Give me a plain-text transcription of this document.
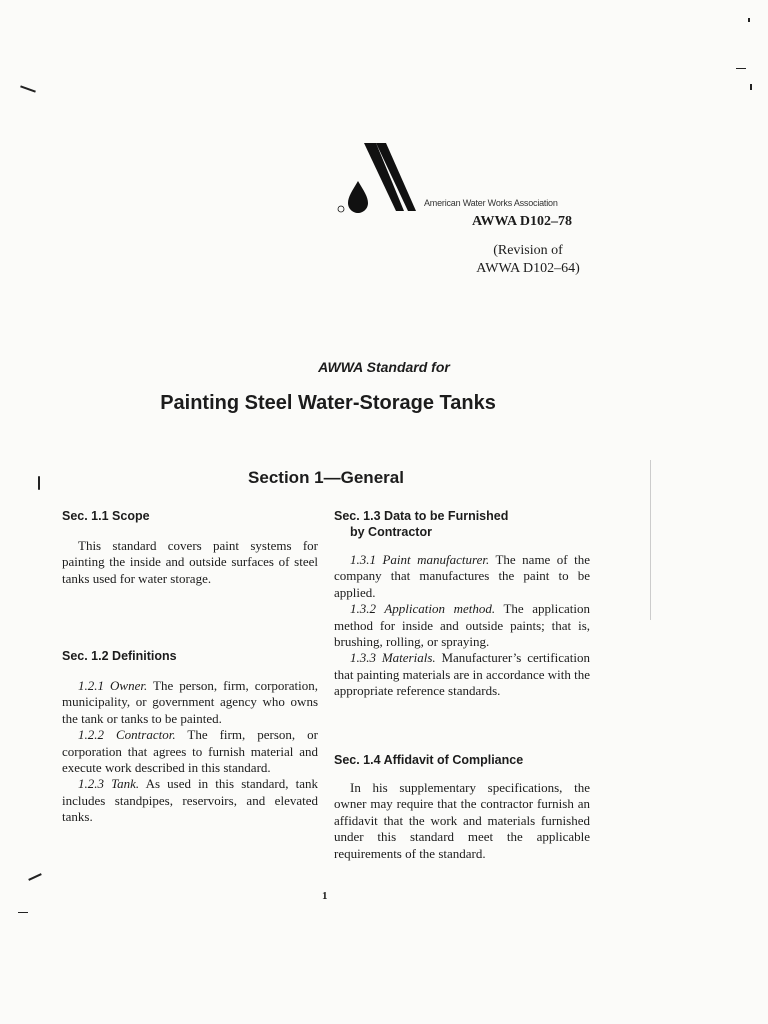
American Water Works Association
AWWA D102–78
(Revision of
AWWA D102–64)
AWWA Standard for
Painting Steel Water-Storage Tanks
Section 1—General
Sec. 1.1 Scope

This standard covers paint systems for painting the inside and outside surfaces of steel tanks used for water storage.

Sec. 1.2 Definitions

1.2.1 Owner. The person, firm, corporation, municipality, or government agency who owns the tank or tanks to be painted.

1.2.2 Contractor. The firm, person, or corporation that agrees to furnish material and execute work described in this standard.

1.2.3 Tank. As used in this standard, tank includes standpipes, reservoirs, and elevated tanks.

Sec. 1.3 Data to be Furnished
by Contractor

1.3.1 Paint manufacturer. The name of the company that manufactures the paint to be applied.

1.3.2 Application method. The application method for inside and outside paints; that is, brushing, rolling, or spraying.

1.3.3 Materials. Manufacturer’s certification that painting materials are in accordance with the appropriate reference standards.

Sec. 1.4 Affidavit of Compliance

In his supplementary specifications, the owner may require that the contractor furnish an affidavit that the work and materials furnished under this standard meet the applicable requirements of the standard.

1
